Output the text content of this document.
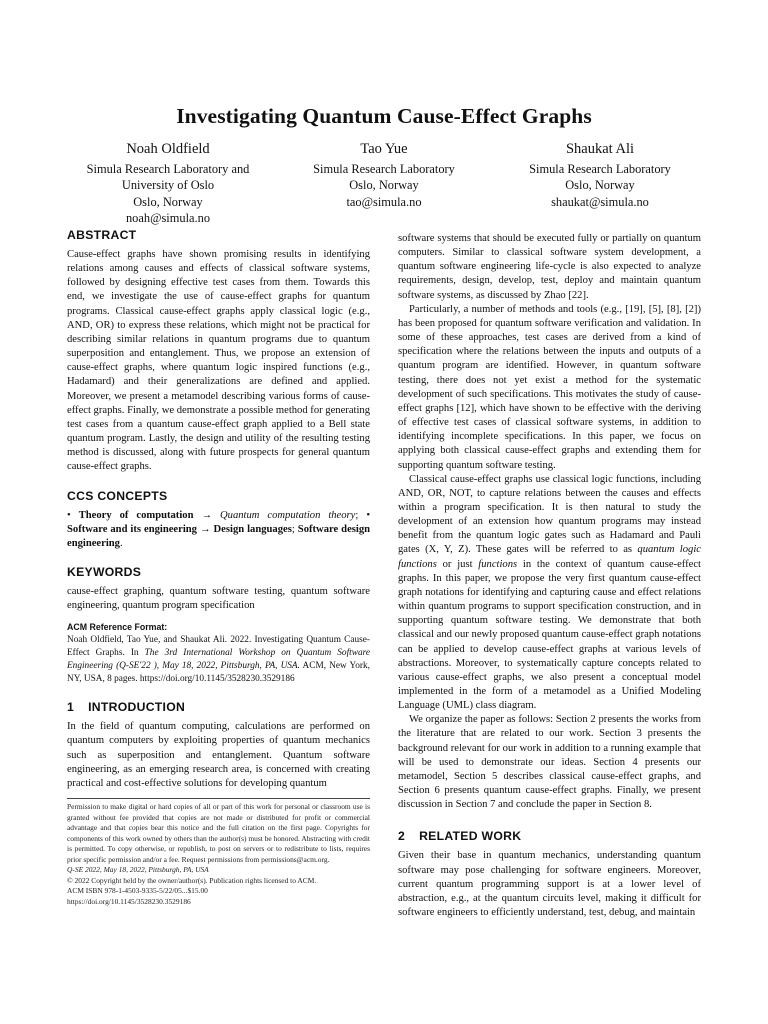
Investigating Quantum Cause-Effect Graphs
Noah Oldfield
Simula Research Laboratory and
University of Oslo
Oslo, Norway
noah@simula.no
Tao Yue
Simula Research Laboratory
Oslo, Norway
tao@simula.no
Shaukat Ali
Simula Research Laboratory
Oslo, Norway
shaukat@simula.no
ABSTRACT

Cause-effect graphs have shown promising results in identifying relations among causes and effects of classical software systems, followed by designing effective test cases from them. Towards this end, we investigate the use of cause-effect graphs for quantum programs. Classical cause-effect graphs apply classical logic (e.g., AND, OR) to express these relations, which might not be practical for describing similar relations in quantum programs due to quantum superposition and entanglement. Thus, we propose an extension of cause-effect graphs, where quantum logic inspired functions (e.g., Hadamard) and their generalizations are defined and applied. Moreover, we present a metamodel describing various forms of cause-effect graphs. Finally, we demonstrate a possible method for generating test cases from a quantum cause-effect graph applied to a Bell state quantum program. Lastly, the design and utility of the resulting testing method is discussed, along with future prospects for general quantum cause-effect graphs.

CCS CONCEPTS

• Theory of computation → Quantum computation theory; • Software and its engineering → Design languages; Software design engineering.

KEYWORDS

cause-effect graphing, quantum software testing, quantum software engineering, quantum program specification

ACM Reference Format:

Noah Oldfield, Tao Yue, and Shaukat Ali. 2022. Investigating Quantum Cause-Effect Graphs. In The 3rd International Workshop on Quantum Software Engineering (Q-SE'22 ), May 18, 2022, Pittsburgh, PA, USA. ACM, New York, NY, USA, 8 pages. https://doi.org/10.1145/3528230.3529186

1 INTRODUCTION

In the field of quantum computing, calculations are performed on quantum computers by exploiting properties of quantum mechanics such as superposition and entanglement. Quantum software engineering, as an emerging research area, is concerned with creating practical and cost-effective solutions for developing quantum

Permission to make digital or hard copies of all or part of this work for personal or classroom use is granted without fee provided that copies are not made or distributed for profit or commercial advantage and that copies bear this notice and the full citation on the first page. Copyrights for components of this work owned by others than the author(s) must be honored. Abstracting with credit is permitted. To copy otherwise, or republish, to post on servers or to redistribute to lists, requires prior specific permission and/or a fee. Request permissions from permissions@acm.org.

Q-SE 2022, May 18, 2022, Pittsburgh, PA, USA
© 2022 Copyright held by the owner/author(s). Publication rights licensed to ACM.
ACM ISBN 978-1-4503-9335-5/22/05...$15.00
https://doi.org/10.1145/3528230.3529186

software systems that should be executed fully or partially on quantum computers. Similar to classical software system development, a quantum software engineering life-cycle is also expected to analyze requirements, design, develop, test, deploy and maintain quantum software systems, as discussed by Zhao [22].

Particularly, a number of methods and tools (e.g., [19], [5], [8], [2]) has been proposed for quantum software verification and validation. In some of these approaches, test cases are derived from a kind of specification where the relations between the inputs and outputs of a quantum program are identified. However, in quantum software testing, there does not yet exist a method for the systematic development of such specifications. This motivates the study of cause-effect graphs [12], which have shown to be effective with the deriving of effective test cases of classical software systems, in addition to identifying incomplete specifications. In this paper, we focus on applying both classical cause-effect graphs and extending them for supporting quantum software testing.

Classical cause-effect graphs use classical logic functions, including AND, OR, NOT, to capture relations between the causes and effects within a program specification. It is then natural to study the development of an extension how quantum programs may instead benefit from the quantum logic gates such as Hadamard and Pauli gates (X, Y, Z). These gates will be referred to as quantum logic functions or just functions in the context of quantum cause-effect graphs. In this paper, we propose the very first quantum cause-effect graph notations for identifying and capturing cause and effect relations within quantum programs to support specification construction, and in supporting quantum software testing. We demonstrate that both classical and our newly proposed quantum cause-effect graph notations can be applied to develop cause-effect graphs at various levels of abstractions. Moreover, to systematically capture concepts related to various cause-effect graphs, we also present a conceptual model implemented in the form of a metamodel as a Unified Modeling Language (UML) class diagram.

We organize the paper as follows: Section 2 presents the works from the literature that are related to our work. Section 3 presents the background relevant for our work in addition to a running example that will be used to demonstrate our ideas. Section 4 presents our metamodel, Section 5 describes classical cause-effect graphs, and Section 6 presents quantum cause-effect graphs. Finally, we present discussion in Section 7 and conclude the paper in Section 8.

2 RELATED WORK

Given their base in quantum mechanics, understanding quantum software may pose challenging for software engineers. Moreover, current quantum programming support is at a lower level of abstraction, e.g., at the quantum circuits level, making it difficult for software engineers to efficiently understand, test, debug, and maintain
